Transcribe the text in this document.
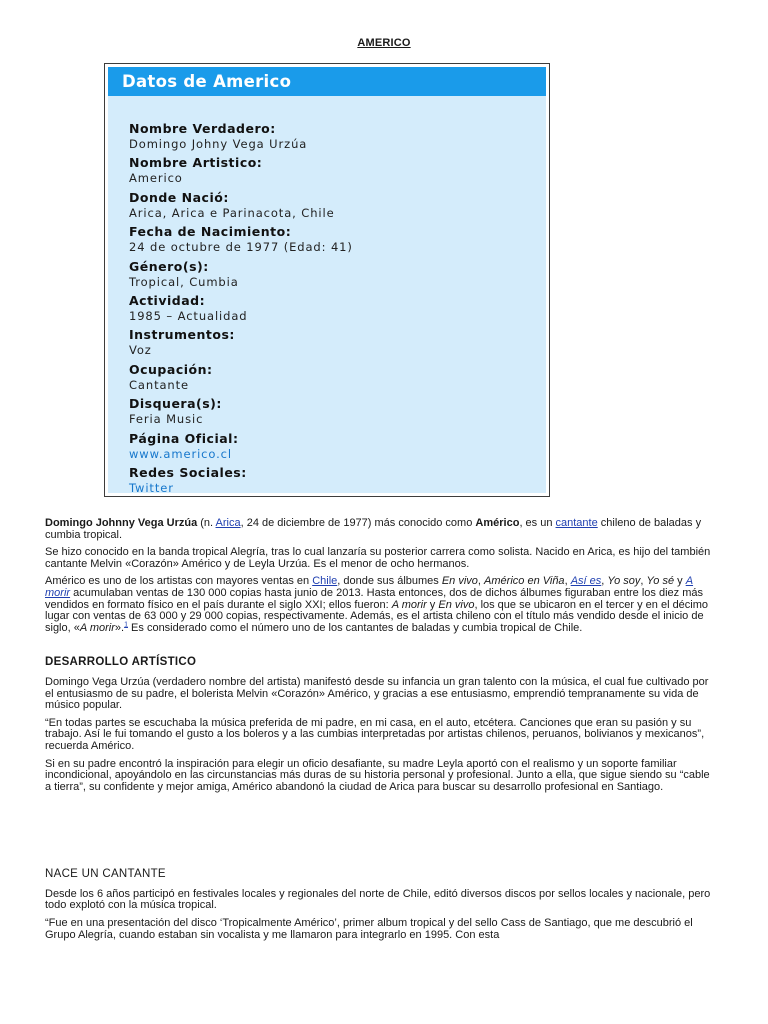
AMERICO
Datos de Americo
Nombre Verdadero:
Domingo Johny Vega Urzúa
Nombre Artistico:
Americo
Donde Nació:
Arica, Arica e Parinacota, Chile
Fecha de Nacimiento:
24 de octubre de 1977 (Edad: 41)
Género(s):
Tropical, Cumbia
Actividad:
1985 – Actualidad
Instrumentos:
Voz
Ocupación:
Cantante
Disquera(s):
Feria Music
Página Oficial:
www.americo.cl
Redes Sociales:
Twitter

Domingo Johnny Vega Urzúa (n. Arica, 24 de diciembre de 1977) más conocido como Américo, es un cantante chileno de baladas y cumbia tropical.

Se hizo conocido en la banda tropical Alegría, tras lo cual lanzaría su posterior carrera como solista. Nacido en Arica, es hijo del también cantante Melvin «Corazón» Américo y de Leyla Urzúa. Es el menor de ocho hermanos.

Américo es uno de los artistas con mayores ventas en Chile, donde sus álbumes En vivo, Américo en Viña, Así es, Yo soy, Yo sé y A morir acumulaban ventas de 130 000 copias hasta junio de 2013. Hasta entonces, dos de dichos álbumes figuraban entre los diez más vendidos en formato físico en el país durante el siglo XXI; ellos fueron: A morir y En vivo, los que se ubicaron en el tercer y en el décimo lugar con ventas de 63 000 y 29 000 copias, respectivamente. Además, es el artista chileno con el título más vendido desde el inicio de siglo, «A morir».$^1$ Es considerado como el número uno de los cantantes de baladas y cumbia tropical de Chile.

DESARROLLO ARTÍSTICO

Domingo Vega Urzúa (verdadero nombre del artista) manifestó desde su infancia un gran talento con la música, el cual fue cultivado por el entusiasmo de su padre, el bolerista Melvin «Corazón» Américo, y gracias a ese entusiasmo, emprendió tempranamente su vida de músico popular.

“En todas partes se escuchaba la música preferida de mi padre, en mi casa, en el auto, etcétera. Canciones que eran su pasión y su trabajo. Así le fui tomando el gusto a los boleros y a las cumbias interpretadas por artistas chilenos, peruanos, bolivianos y mexicanos”, recuerda Américo.

Si en su padre encontró la inspiración para elegir un oficio desafiante, su madre Leyla aportó con el realismo y un soporte familiar incondicional, apoyándolo en las circunstancias más duras de su historia personal y profesional. Junto a ella, que sigue siendo su “cable a tierra”, su confidente y mejor amiga, Américo abandonó la ciudad de Arica para buscar su desarrollo profesional en Santiago.

NACE UN CANTANTE

Desde los 6 años participó en festivales locales y regionales del norte de Chile, editó diversos discos por sellos locales y nacionale, pero todo explotó con la música tropical.

“Fue en una presentación del disco ‘Tropicalmente Américo’, primer album tropical y del sello Cass de Santiago, que me descubrió el Grupo Alegría, cuando estaban sin vocalista y me llamaron para integrarlo en 1995. Con esta
